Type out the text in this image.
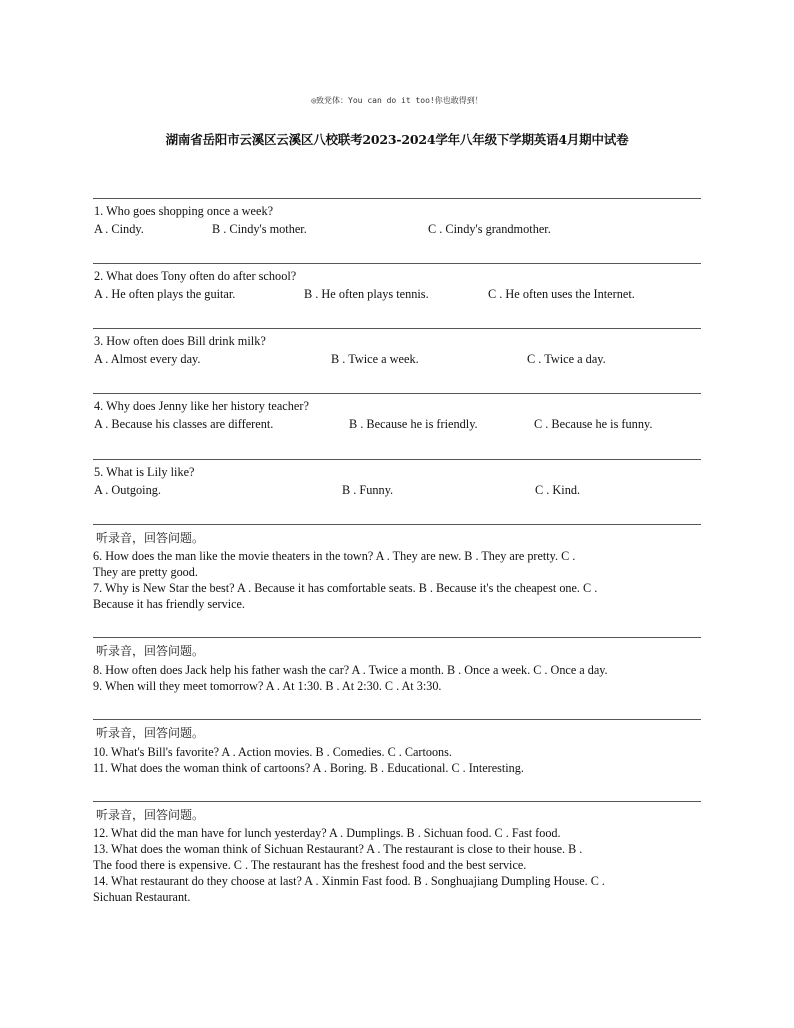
◎致党体：You can do it too!你也敢得到！
湖南省岳阳市云溪区云溪区八校联考2023-2024学年八年级下学期英语4月期中试卷
1. Who goes shopping once a week?
A . Cindy.	B . Cindy's mother.	C . Cindy's grandmother.
2. What does Tony often do after school?
A . He often plays the guitar.	B . He often plays tennis.	C . He often uses the Internet.
3. How often does Bill drink milk?
A . Almost every day.	B . Twice a week.	C . Twice a day.
4. Why does Jenny like her history teacher?
A . Because his classes are different.	B . Because he is friendly.	C . Because he is funny.
5. What is Lily like?
A . Outgoing.	B . Funny.	C . Kind.
听录音，回答问题。
6. How does the man like the movie theaters in the town? A . They are new. B . They are pretty. C .
They are pretty good.
7. Why is New Star the best? A . Because it has comfortable seats. B . Because it's the cheapest one. C .
Because it has friendly service.
听录音，回答问题。
8. How often does Jack help his father wash the car? A . Twice a month. B . Once a week. C . Once a day.
9. When will they meet tomorrow? A . At 1:30. B . At 2:30. C . At 3:30.
听录音，回答问题。
10. What's Bill's favorite? A . Action movies. B . Comedies. C . Cartoons.
11. What does the woman think of cartoons? A . Boring. B . Educational. C . Interesting.
听录音，回答问题。
12. What did the man have for lunch yesterday? A . Dumplings. B . Sichuan food. C . Fast food.
13. What does the woman think of Sichuan Restaurant? A . The restaurant is close to their house. B .
The food there is expensive. C . The restaurant has the freshest food and the best service.
14. What restaurant do they choose at last? A . Xinmin Fast food. B . Songhuajiang Dumpling House. C .
Sichuan Restaurant.
